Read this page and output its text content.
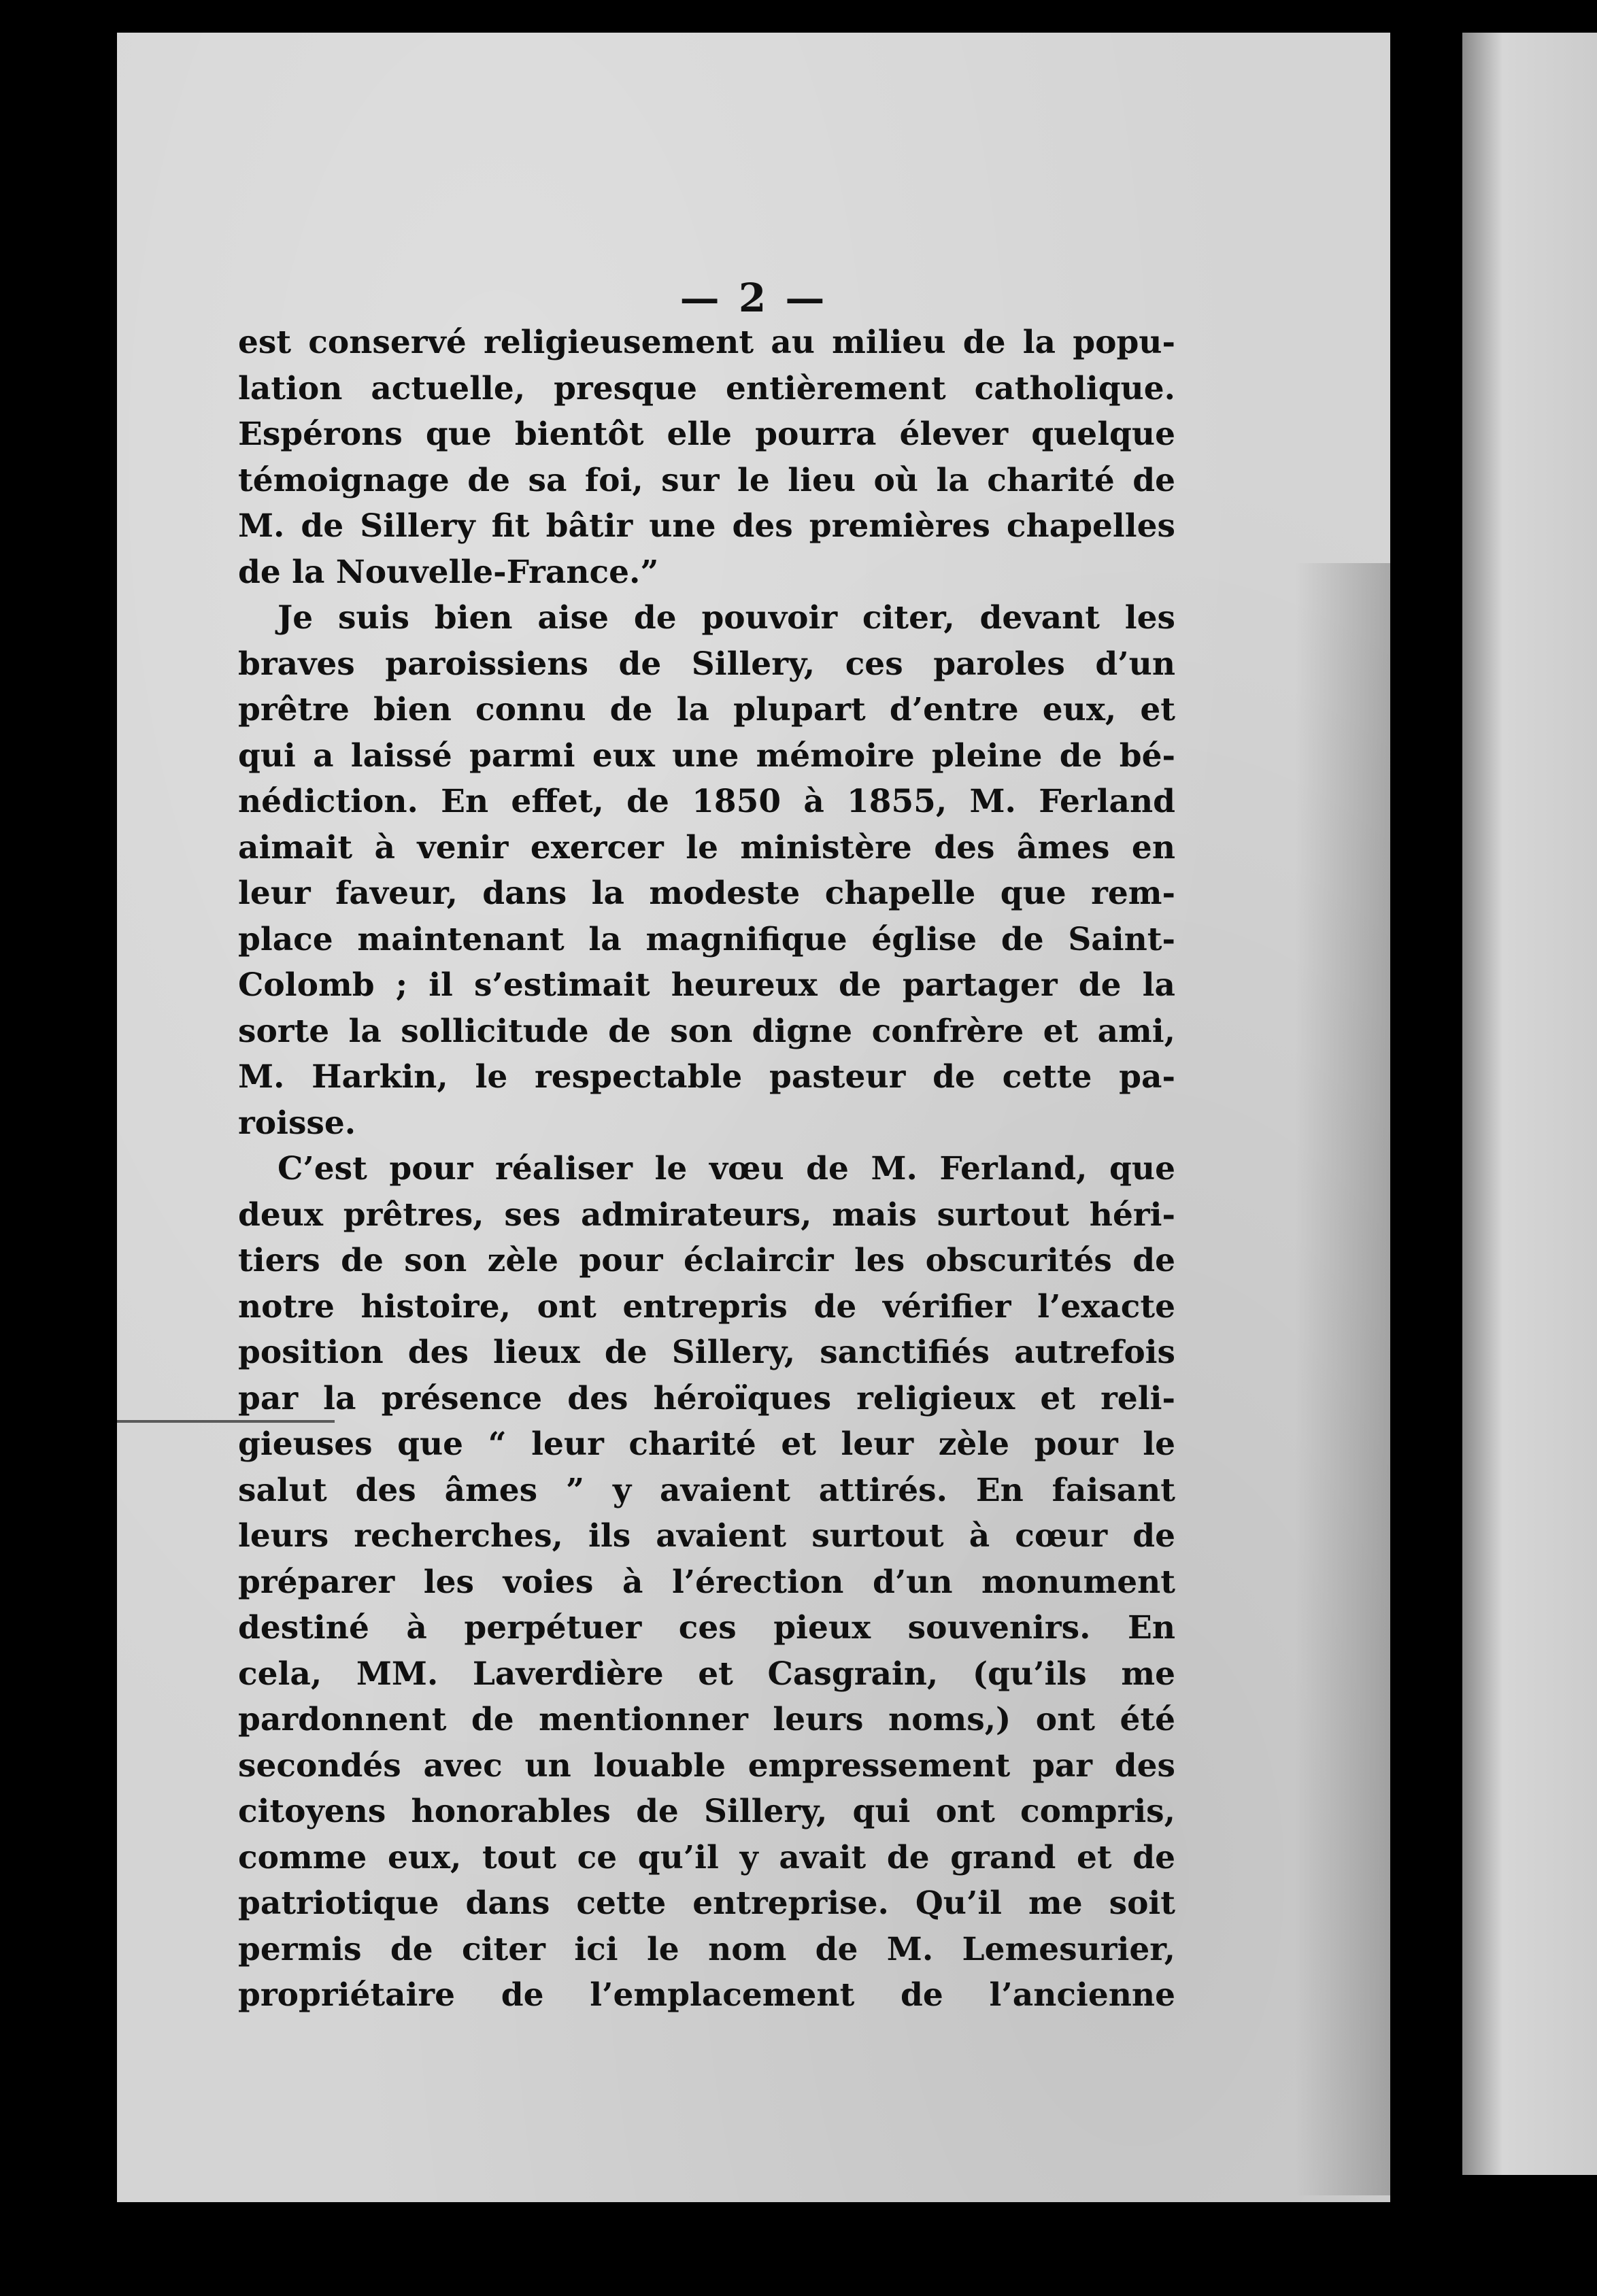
— 2 —
est conservé religieusement au milieu de la popu-
lation actuelle, presque entièrement catholique.
Espérons que bientôt elle pourra élever quelque
témoignage de sa foi, sur le lieu où la charité de
M. de Sillery fit bâtir une des premières chapelles
de la Nouvelle-France.”
Je suis bien aise de pouvoir citer, devant les
braves paroissiens de Sillery, ces paroles d’un
prêtre bien connu de la plupart d’entre eux, et
qui a laissé parmi eux une mémoire pleine de bé-
nédiction. En effet, de 1850 à 1855, M. Ferland
aimait à venir exercer le ministère des âmes en
leur faveur, dans la modeste chapelle que rem-
place maintenant la magnifique église de Saint-
Colomb ; il s’estimait heureux de partager de la
sorte la sollicitude de son digne confrère et ami,
M. Harkin, le respectable pasteur de cette pa-
roisse.
C’est pour réaliser le vœu de M. Ferland, que
deux prêtres, ses admirateurs, mais surtout héri-
tiers de son zèle pour éclaircir les obscurités de
notre histoire, ont entrepris de vérifier l’exacte
position des lieux de Sillery, sanctifiés autrefois
par la présence des héroïques religieux et reli-
gieuses que “ leur charité et leur zèle pour le
salut des âmes ” y avaient attirés. En faisant
leurs recherches, ils avaient surtout à cœur de
préparer les voies à l’érection d’un monument
destiné à perpétuer ces pieux souvenirs. En
cela, MM. Laverdière et Casgrain, (qu’ils me
pardonnent de mentionner leurs noms,) ont été
secondés avec un louable empressement par des
citoyens honorables de Sillery, qui ont compris,
comme eux, tout ce qu’il y avait de grand et de
patriotique dans cette entreprise. Qu’il me soit
permis de citer ici le nom de M. Lemesurier,
propriétaire de l’emplacement de l’ancienne
